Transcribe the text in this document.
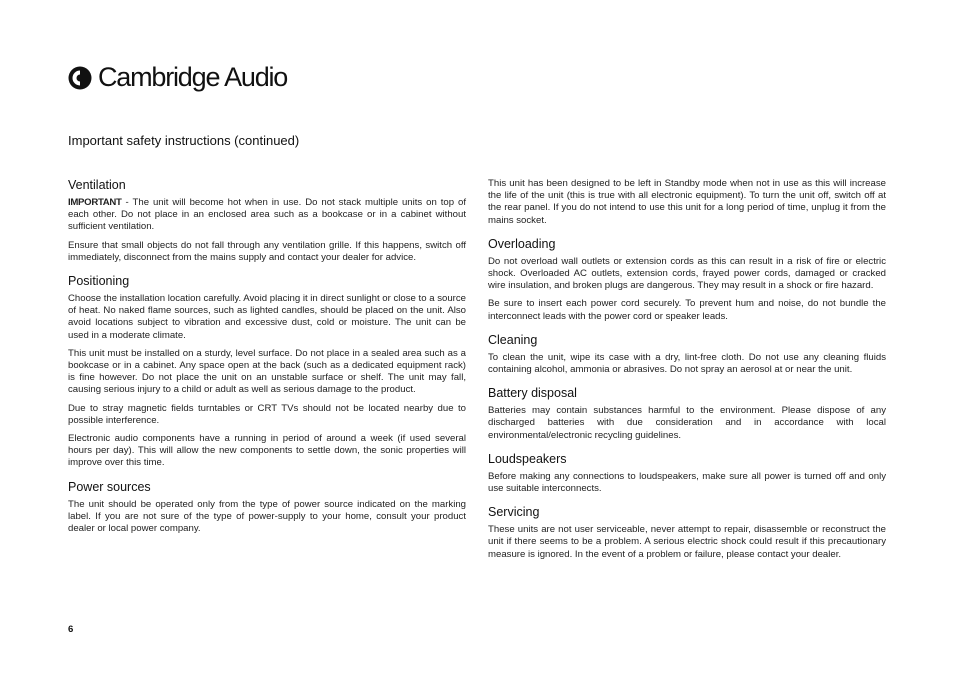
Cambridge Audio
Important safety instructions (continued)
Ventilation

IMPORTANT - The unit will become hot when in use. Do not stack multiple units on top of each other. Do not place in an enclosed area such as a bookcase or in a cabinet without sufficient ventilation.

Ensure that small objects do not fall through any ventilation grille. If this happens, switch off immediately, disconnect from the mains supply and contact your dealer for advice.

Positioning

Choose the installation location carefully. Avoid placing it in direct sunlight or close to a source of heat. No naked flame sources, such as lighted candles, should be placed on the unit. Also avoid locations subject to vibration and excessive dust, cold or moisture. The unit can be used in a moderate climate.

This unit must be installed on a sturdy, level surface. Do not place in a sealed area such as a bookcase or in a cabinet. Any space open at the back (such as a dedicated equipment rack) is fine however. Do not place the unit on an unstable surface or shelf. The unit may fall, causing serious injury to a child or adult as well as serious damage to the product.

Due to stray magnetic fields turntables or CRT TVs should not be located nearby due to possible interference.

Electronic audio components have a running in period of around a week (if used several hours per day). This will allow the new components to settle down, the sonic properties will improve over this time.

Power sources

The unit should be operated only from the type of power source indicated on the marking label. If you are not sure of the type of power-supply to your home, consult your product dealer or local power company.

This unit has been designed to be left in Standby mode when not in use as this will increase the life of the unit (this is true with all electronic equipment). To turn the unit off, switch off at the rear panel. If you do not intend to use this unit for a long period of time, unplug it from the mains socket.

Overloading

Do not overload wall outlets or extension cords as this can result in a risk of fire or electric shock. Overloaded AC outlets, extension cords, frayed power cords, damaged or cracked wire insulation, and broken plugs are dangerous. They may result in a shock or fire hazard.

Be sure to insert each power cord securely. To prevent hum and noise, do not bundle the interconnect leads with the power cord or speaker leads.

Cleaning

To clean the unit, wipe its case with a dry, lint-free cloth. Do not use any cleaning fluids containing alcohol, ammonia or abrasives. Do not spray an aerosol at or near the unit.

Battery disposal

Batteries may contain substances harmful to the environment. Please dispose of any discharged batteries with due consideration and in accordance with local environmental/electronic recycling guidelines.

Loudspeakers

Before making any connections to loudspeakers, make sure all power is turned off and only use suitable interconnects.

Servicing

These units are not user serviceable, never attempt to repair, disassemble or reconstruct the unit if there seems to be a problem. A serious electric shock could result if this precautionary measure is ignored. In the event of a problem or failure, please contact your dealer.

6
